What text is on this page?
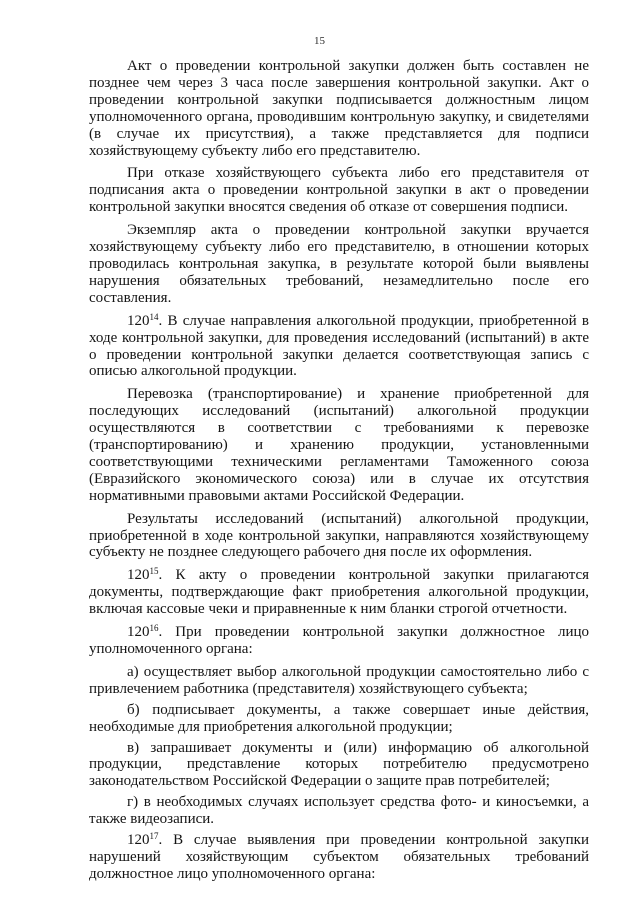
15

Акт о проведении контрольной закупки должен быть составлен не позднее чем через 3 часа после завершения контрольной закупки. Акт о проведении контрольной закупки подписывается должностным лицом уполномоченного органа, проводившим контрольную закупку, и свидетелями (в случае их присутствия), а также представляется для подписи хозяйствующему субъекту либо его представителю.

При отказе хозяйствующего субъекта либо его представителя от подписания акта о проведении контрольной закупки в акт о проведении контрольной закупки вносятся сведения об отказе от совершения подписи.

Экземпляр акта о проведении контрольной закупки вручается хозяйствующему субъекту либо его представителю, в отношении которых проводилась контрольная закупка, в результате которой были выявлены нарушения обязательных требований, незамедлительно после его составления.

$120^{14}$. В случае направления алкогольной продукции, приобретенной в ходе контрольной закупки, для проведения исследований (испытаний) в акте о проведении контрольной закупки делается соответствующая запись с описью алкогольной продукции.

Перевозка (транспортирование) и хранение приобретенной для последующих исследований (испытаний) алкогольной продукции осуществляются в соответствии с требованиями к перевозке (транспортированию) и хранению продукции, установленными соответствующими техническими регламентами Таможенного союза (Евразийского экономического союза) или в случае их отсутствия нормативными правовыми актами Российской Федерации.

Результаты исследований (испытаний) алкогольной продукции, приобретенной в ходе контрольной закупки, направляются хозяйствующему субъекту не позднее следующего рабочего дня после их оформления.

$120^{15}$. К акту о проведении контрольной закупки прилагаются документы, подтверждающие факт приобретения алкогольной продукции, включая кассовые чеки и приравненные к ним бланки строгой отчетности.

$120^{16}$. При проведении контрольной закупки должностное лицо уполномоченного органа:

а) осуществляет выбор алкогольной продукции самостоятельно либо с привлечением работника (представителя) хозяйствующего субъекта;

б) подписывает документы, а также совершает иные действия, необходимые для приобретения алкогольной продукции;

в) запрашивает документы и (или) информацию об алкогольной продукции, представление которых потребителю предусмотрено законодательством Российской Федерации о защите прав потребителей;

г) в необходимых случаях использует средства фото- и киносъемки, а также видеозаписи.

$120^{17}$. В случае выявления при проведении контрольной закупки нарушений хозяйствующим субъектом обязательных требований должностное лицо уполномоченного органа:
